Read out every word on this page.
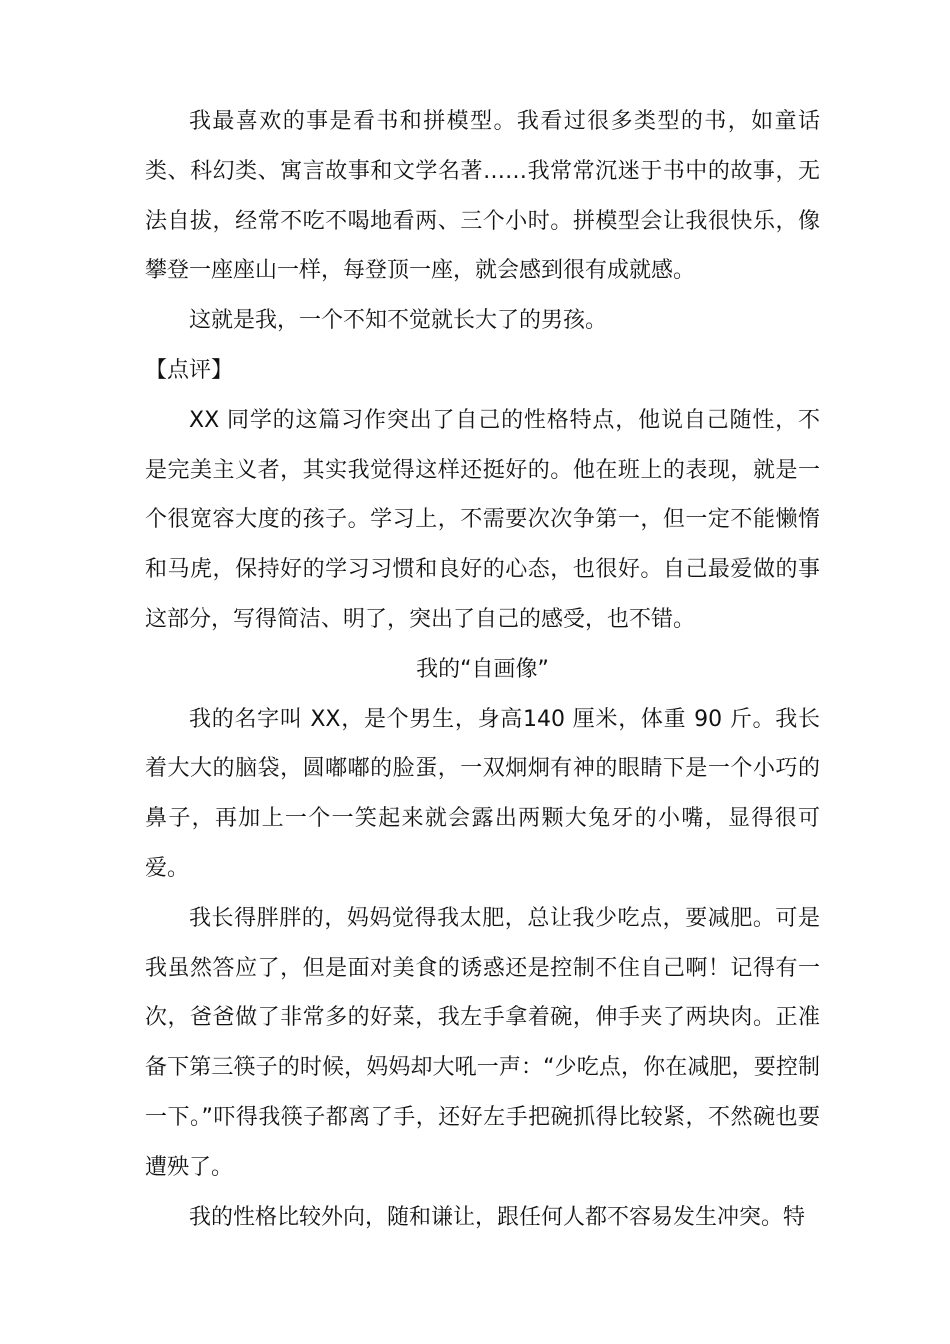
我最喜欢的事是看书和拼模型。我看过很多类型的书，如童话类、科幻类、寓言故事和文学名著……我常常沉迷于书中的故事，无法自拔，经常不吃不喝地看两、三个小时。拼模型会让我很快乐，像攀登一座座山一样，每登顶一座，就会感到很有成就感。

这就是我，一个不知不觉就长大了的男孩。

【点评】

XX 同学的这篇习作突出了自己的性格特点，他说自己随性，不是完美主义者，其实我觉得这样还挺好的。他在班上的表现，就是一个很宽容大度的孩子。学习上，不需要次次争第一，但一定不能懒惰和马虎，保持好的学习习惯和良好的心态，也很好。自己最爱做的事这部分，写得简洁、明了，突出了自己的感受，也不错。

我的“自画像”

我的名字叫 XX，是个男生，身高140 厘米，体重 90 斤。我长着大大的脑袋，圆嘟嘟的脸蛋，一双炯炯有神的眼睛下是一个小巧的鼻子，再加上一个一笑起来就会露出两颗大兔牙的小嘴，显得很可爱。

我长得胖胖的，妈妈觉得我太肥，总让我少吃点，要减肥。可是我虽然答应了，但是面对美食的诱惑还是控制不住自己啊！记得有一次，爸爸做了非常多的好菜，我左手拿着碗，伸手夹了两块肉。正准备下第三筷子的时候，妈妈却大吼一声：“少吃点，你在减肥，要控制一下。”吓得我筷子都离了手，还好左手把碗抓得比较紧，不然碗也要遭殃了。

我的性格比较外向，随和谦让，跟任何人都不容易发生冲突。特
